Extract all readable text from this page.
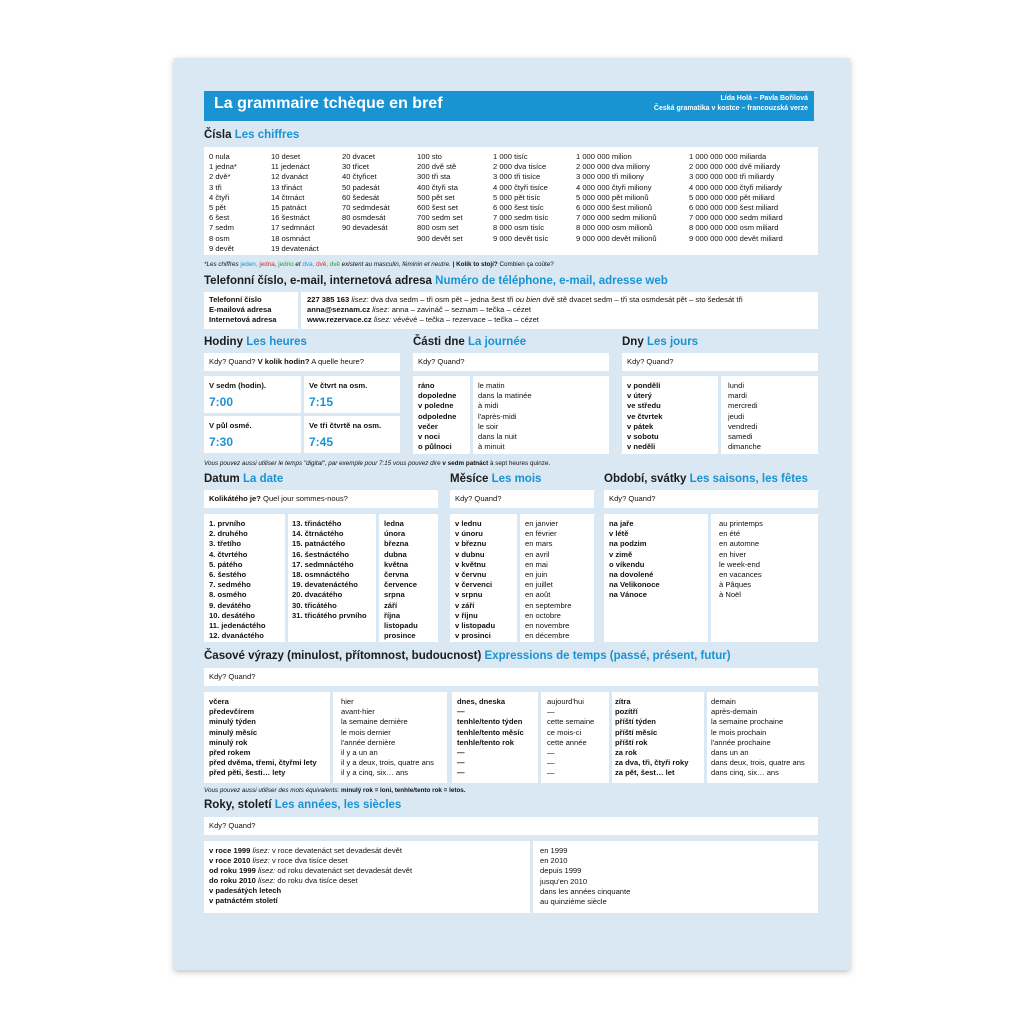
La grammaire tchèque en bref	Lída Holá – Pavla Bořilová
Česká gramatika v kostce – francouzská verze
Čísla Les chiffres
0 nula
1 jedna*
2 dvě*
3 tři
4 čtyři
5 pět
6 šest
7 sedm
8 osm
9 devět
10 deset
11 jedenáct
12 dvanáct
13 třináct
14 čtrnáct
15 patnáct
16 šestnáct
17 sedmnáct
18 osmnáct
19 devatenáct
20 dvacet
30 třicet
40 čtyřicet
50 padesát
60 šedesát
70 sedmdesát
80 osmdesát
90 devadesát
100 sto
200 dvě stě
300 tři sta
400 čtyři sta
500 pět set
600 šest set
700 sedm set
800 osm set
900 devět set
1 000 tisíc
2 000 dva tisíce
3 000 tři tisíce
4 000 čtyři tisíce
5 000 pět tisíc
6 000 šest tisíc
7 000 sedm tisíc
8 000 osm tisíc
9 000 devět tisíc
1 000 000 milion
2 000 000 dva miliony
3 000 000 tři miliony
4 000 000 čtyři miliony
5 000 000 pět milionů
6 000 000 šest milionů
7 000 000 sedm milionů
8 000 000 osm milionů
9 000 000 devět milionů
1 000 000 000 miliarda
2 000 000 000 dvě miliardy
3 000 000 000 tři miliardy
4 000 000 000 čtyři miliardy
5 000 000 000 pět miliard
6 000 000 000 šest miliard
7 000 000 000 sedm miliard
8 000 000 000 osm miliard
9 000 000 000 devět miliard
*Les chiffres jeden, jedna, jedno et dva, dvě, dvě existent au masculin, féminin et neutre. | Kolik to stojí? Combien ça coûte?
Telefonní číslo, e-mail, internetová adresa Numéro de téléphone, e-mail, adresse web
Telefonní číslo
E-mailová adresa
Internetová adresa
227 385 163 lisez: dva dva sedm – tři osm pět – jedna šest tři ou bien dvě stě dvacet sedm – tři sta osmdesát pět – sto šedesát tři
anna@seznam.cz lisez: anna – zavináč – seznam – tečka – cézet
www.rezervace.cz lisez: vévévé – tečka – rezervace – tečka – cézet
Hodiny Les heures
Kdy? Quand? V kolik hodin? A quelle heure?
V sedm (hodin).
7:00
Ve čtvrt na osm.
7:15
V půl osmé.
7:30
Ve tři čtvrtě na osm.
7:45
Části dne La journée
Kdy? Quand?
ráno
dopoledne
v poledne
odpoledne
večer
v noci
o půlnoci
le matin
dans la matinée
à midi
l'après-midi
le soir
dans la nuit
à minuit
Dny Les jours
Kdy? Quand?
v pondělí
v úterý
ve středu
ve čtvrtek
v pátek
v sobotu
v neděli
lundi
mardi
mercredi
jeudi
vendredi
samedi
dimanche
Vous pouvez aussi utiliser le temps "digital", par exemple pour 7:15 vous pouvez dire v sedm patnáct à sept heures quinze.
Datum La date
Kolikátého je? Quel jour sommes-nous?
1. prvního
2. druhého
3. třetího
4. čtvrtého
5. pátého
6. šestého
7. sedmého
8. osmého
9. devátého
10. desátého
11. jedenáctého
12. dvanáctého
13. třináctého
14. čtrnáctého
15. patnáctého
16. šestnáctého
17. sedmnáctého
18. osmnáctého
19. devatenáctého
20. dvacátého
30. třicátého
31. třicátého prvního
ledna
února
března
dubna
května
června
července
srpna
září
října
listopadu
prosince
Měsíce Les mois
Kdy? Quand?
v lednu
v únoru
v březnu
v dubnu
v květnu
v červnu
v červenci
v srpnu
v září
v říjnu
v listopadu
v prosinci
en janvier
en février
en mars
en avril
en mai
en juin
en juillet
en août
en septembre
en octobre
en novembre
en décembre
Období, svátky Les saisons, les fêtes
Kdy? Quand?
na jaře
v létě
na podzim
v zimě
o víkendu
na dovolené
na Velikonoce
na Vánoce
au printemps
en été
en automne
en hiver
le week-end
en vacances
à Pâques
à Noël
Časové výrazy (minulost, přítomnost, budoucnost) Expressions de temps (passé, présent, futur)
Kdy? Quand?
včera
předevčírem
minulý týden
minulý měsíc
minulý rok
před rokem
před dvěma, třemi, čtyřmi lety
před pěti, šesti… lety
hier
avant-hier
la semaine dernière
le mois dernier
l'année dernière
il y a un an
il y a deux, trois, quatre ans
il y a cinq, six… ans
dnes, dneska
—
tenhle/tento týden
tenhle/tento měsíc
tenhle/tento rok
—
—
—
aujourd'hui
—
cette semaine
ce mois-ci
cette année
—
—
—
zítra
pozítří
příští týden
příští měsíc
příští rok
za rok
za dva, tři, čtyři roky
za pět, šest… let
demain
après-demain
la semaine prochaine
le mois prochain
l'année prochaine
dans un an
dans deux, trois, quatre ans
dans cinq, six… ans
Vous pouvez aussi utiliser des mots équivalents: minulý rok = loni, tenhle/tento rok = letos.
Roky, století Les années, les siècles
Kdy? Quand?
v roce 1999 lisez: v roce devatenáct set devadesát devět
v roce 2010 lisez: v roce dva tisíce deset
od roku 1999 lisez: od roku devatenáct set devadesát devět
do roku 2010 lisez: do roku dva tisíce deset
v padesátých letech
v patnáctém století
en 1999
en 2010
depuis 1999
jusqu'en 2010
dans les années cinquante
au quinzième siècle
